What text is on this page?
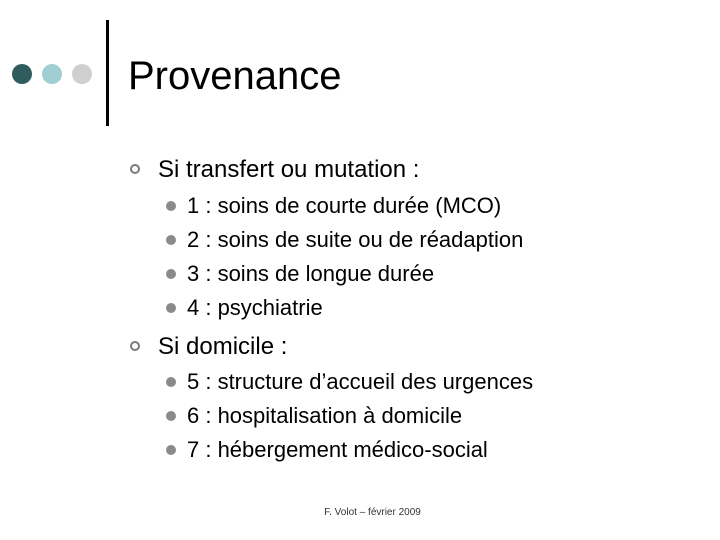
Provenance
Si transfert ou mutation :
1 : soins de courte durée (MCO)
2 : soins de suite ou de réadaption
3 : soins de longue durée
4 : psychiatrie
Si domicile :
5 : structure d’accueil des urgences
6 : hospitalisation à domicile
7 : hébergement médico-social
F. Volot – février 2009
